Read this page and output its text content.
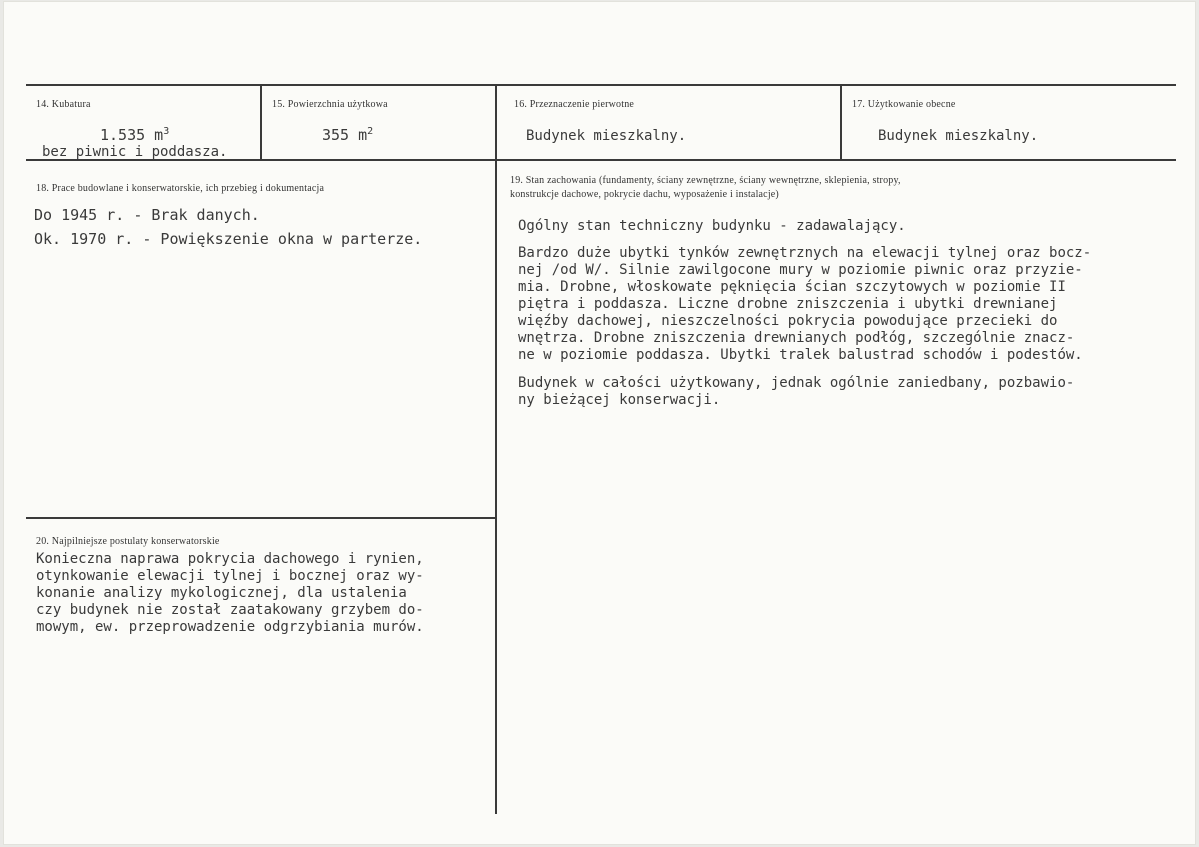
14. Kubatura
1.535 $m^3$
bez piwnic i poddasza.
15. Powierzchnia użytkowa
355 $m^2$
16. Przeznaczenie pierwotne
Budynek mieszkalny.
17. Użytkowanie obecne
Budynek mieszkalny.
18. Prace budowlane i konserwatorskie, ich przebieg i dokumentacja
Do 1945 r. - Brak danych.
Ok. 1970 r. - Powiększenie okna w parterze.
19. Stan zachowania (fundamenty, ściany zewnętrzne, ściany wewnętrzne, sklepienia, stropy,
konstrukcje dachowe, pokrycie dachu, wyposażenie i instalacje)
Ogólny stan techniczny budynku - zadawalający.
Bardzo duże ubytki tynków zewnętrznych na elewacji tylnej oraz bocz-
nej /od W/. Silnie zawilgocone mury w poziomie piwnic oraz przyzie-
mia. Drobne, włoskowate pęknięcia ścian szczytowych w poziomie II
piętra i poddasza. Liczne drobne zniszczenia i ubytki drewnianej
więźby dachowej, nieszczelności pokrycia powodujące przecieki do
wnętrza. Drobne zniszczenia drewnianych podłóg, szczególnie znacz-
ne w poziomie poddasza. Ubytki tralek balustrad schodów i podestów.
Budynek w całości użytkowany, jednak ogólnie zaniedbany, pozbawio-
ny bieżącej konserwacji.
20. Najpilniejsze postulaty konserwatorskie
Konieczna naprawa pokrycia dachowego i rynien,
otynkowanie elewacji tylnej i bocznej oraz wy-
konanie analizy mykologicznej, dla ustalenia
czy budynek nie został zaatakowany grzybem do-
mowym, ew. przeprowadzenie odgrzybiania murów.
